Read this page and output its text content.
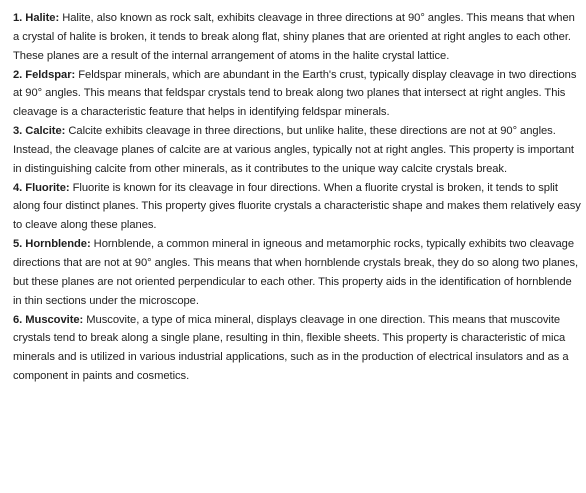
1. Halite: Halite, also known as rock salt, exhibits cleavage in three directions at 90° angles. This means that when a crystal of halite is broken, it tends to break along flat, shiny planes that are oriented at right angles to each other. These planes are a result of the internal arrangement of atoms in the halite crystal lattice.

2. Feldspar: Feldspar minerals, which are abundant in the Earth's crust, typically display cleavage in two directions at 90° angles. This means that feldspar crystals tend to break along two planes that intersect at right angles. This cleavage is a characteristic feature that helps in identifying feldspar minerals.

3. Calcite: Calcite exhibits cleavage in three directions, but unlike halite, these directions are not at 90° angles. Instead, the cleavage planes of calcite are at various angles, typically not at right angles. This property is important in distinguishing calcite from other minerals, as it contributes to the unique way calcite crystals break.

4. Fluorite: Fluorite is known for its cleavage in four directions. When a fluorite crystal is broken, it tends to split along four distinct planes. This property gives fluorite crystals a characteristic shape and makes them relatively easy to cleave along these planes.

5. Hornblende: Hornblende, a common mineral in igneous and metamorphic rocks, typically exhibits two cleavage directions that are not at 90° angles. This means that when hornblende crystals break, they do so along two planes, but these planes are not oriented perpendicular to each other. This property aids in the identification of hornblende in thin sections under the microscope.

6. Muscovite: Muscovite, a type of mica mineral, displays cleavage in one direction. This means that muscovite crystals tend to break along a single plane, resulting in thin, flexible sheets. This property is characteristic of mica minerals and is utilized in various industrial applications, such as in the production of electrical insulators and as a component in paints and cosmetics.
